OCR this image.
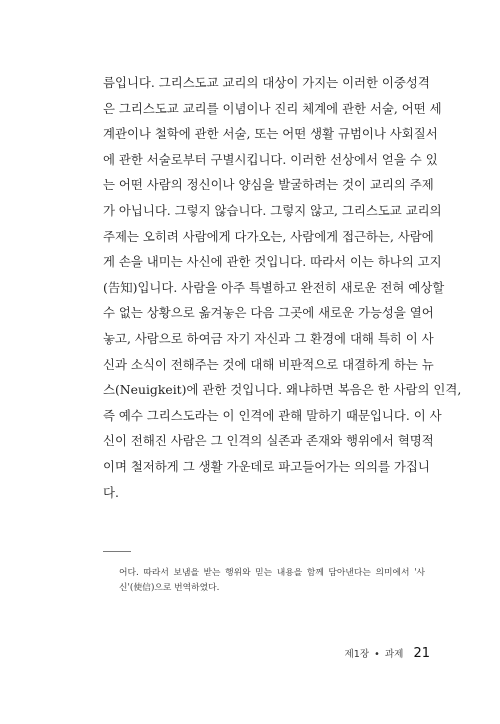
름입니다. 그리스도교 교리의 대상이 가지는 이러한 이중성격
은 그리스도교 교리를 이념이나 진리 체계에 관한 서술, 어떤 세
계관이나 철학에 관한 서술, 또는 어떤 생활 규범이나 사회질서
에 관한 서술로부터 구별시킵니다. 이러한 선상에서 얻을 수 있
는 어떤 사람의 정신이나 양심을 발굴하려는 것이 교리의 주제
가 아닙니다. 그렇지 않습니다. 그렇지 않고, 그리스도교 교리의
주제는 오히려 사람에게 다가오는, 사람에게 접근하는, 사람에
게 손을 내미는 사신에 관한 것입니다. 따라서 이는 하나의 고지
(告知)입니다. 사람을 아주 특별하고 완전히 새로운 전혀 예상할
수 없는 상황으로 옮겨놓은 다음 그곳에 새로운 가능성을 열어
놓고, 사람으로 하여금 자기 자신과 그 환경에 대해 특히 이 사
신과 소식이 전해주는 것에 대해 비판적으로 대결하게 하는 뉴
스(Neuigkeit)에 관한 것입니다. 왜냐하면 복음은 한 사람의 인격,
즉 예수 그리스도라는 이 인격에 관해 말하기 때문입니다. 이 사
신이 전해진 사람은 그 인격의 실존과 존재와 행위에서 혁명적
이며 철저하게 그 생활 가운데로 파고들어가는 의의를 가집니
다.
어다. 따라서 보냄을 받는 행위와 믿는 내용을 함께 담아낸다는 의미에서 '사
신'(使信)으로 번역하였다.
제1장 • 과제 21
